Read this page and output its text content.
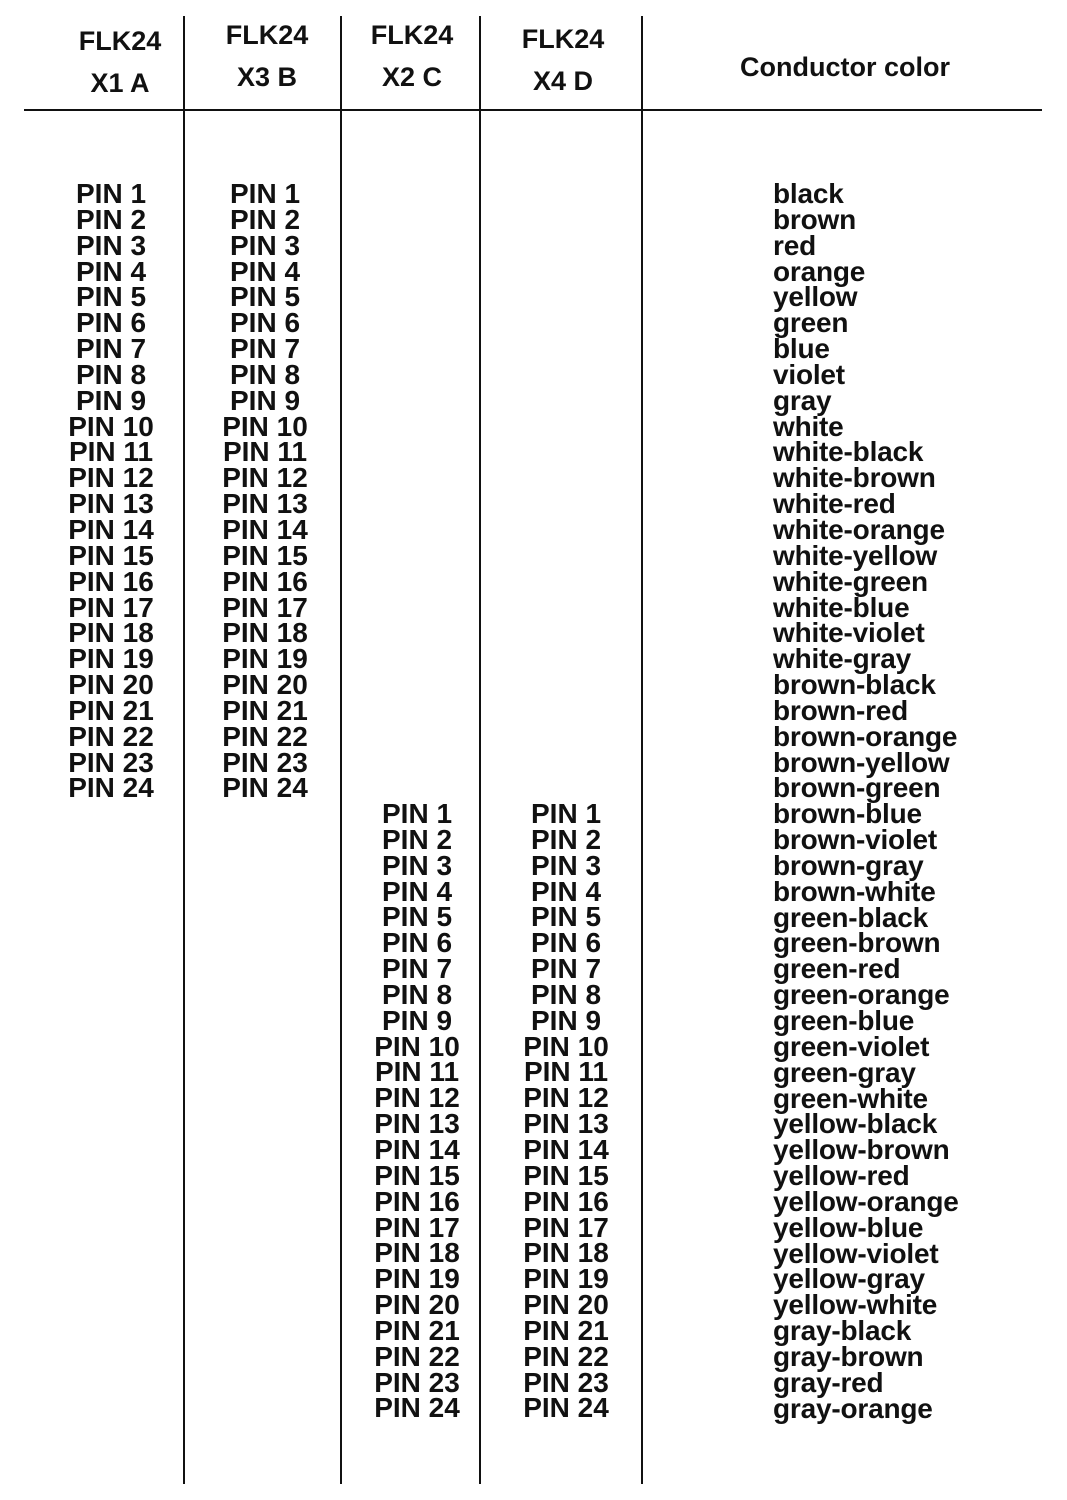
FLK24
X1 A
FLK24
X3 B
FLK24
X2 C
FLK24
X4 D	Conductor color
PIN 1
PIN 2
PIN 3
PIN 4
PIN 5
PIN 6
PIN 7
PIN 8
PIN 9
PIN 10
PIN 11
PIN 12
PIN 13
PIN 14
PIN 15
PIN 16
PIN 17
PIN 18
PIN 19
PIN 20
PIN 21
PIN 22
PIN 23
PIN 24
PIN 1
PIN 2
PIN 3
PIN 4
PIN 5
PIN 6
PIN 7
PIN 8
PIN 9
PIN 10
PIN 11
PIN 12
PIN 13
PIN 14
PIN 15
PIN 16
PIN 17
PIN 18
PIN 19
PIN 20
PIN 21
PIN 22
PIN 23
PIN 24
PIN 1
PIN 2
PIN 3
PIN 4
PIN 5
PIN 6
PIN 7
PIN 8
PIN 9
PIN 10
PIN 11
PIN 12
PIN 13
PIN 14
PIN 15
PIN 16
PIN 17
PIN 18
PIN 19
PIN 20
PIN 21
PIN 22
PIN 23
PIN 24
PIN 1
PIN 2
PIN 3
PIN 4
PIN 5
PIN 6
PIN 7
PIN 8
PIN 9
PIN 10
PIN 11
PIN 12
PIN 13
PIN 14
PIN 15
PIN 16
PIN 17
PIN 18
PIN 19
PIN 20
PIN 21
PIN 22
PIN 23
PIN 24
black
brown
red
orange
yellow
green
blue
violet
gray
white
white-black
white-brown
white-red
white-orange
white-yellow
white-green
white-blue
white-violet
white-gray
brown-black
brown-red
brown-orange
brown-yellow
brown-green
brown-blue
brown-violet
brown-gray
brown-white
green-black
green-brown
green-red
green-orange
green-blue
green-violet
green-gray
green-white
yellow-black
yellow-brown
yellow-red
yellow-orange
yellow-blue
yellow-violet
yellow-gray
yellow-white
gray-black
gray-brown
gray-red
gray-orange
